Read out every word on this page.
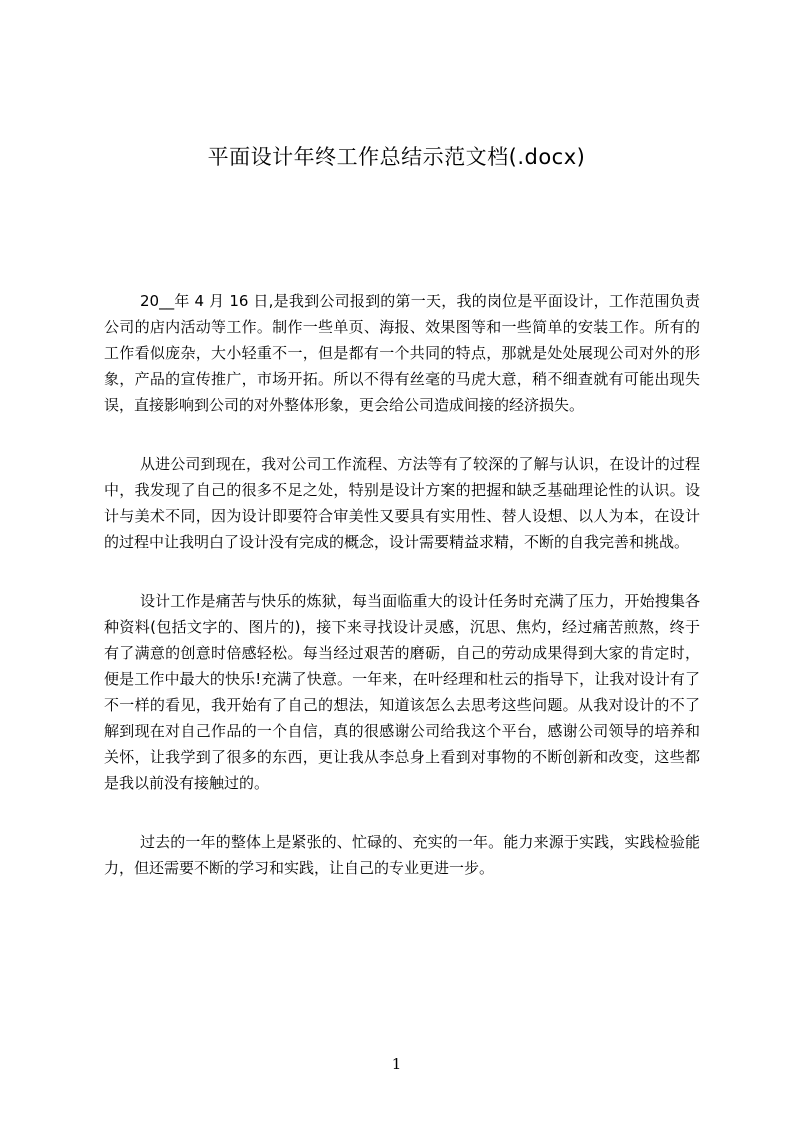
平面设计年终工作总结示范文档(.docx)

20__年 4 月 16 日,是我到公司报到的第一天，我的岗位是平面设计，工作范围负责公司的店内活动等工作。制作一些单页、海报、效果图等和一些简单的安装工作。所有的工作看似庞杂，大小轻重不一，但是都有一个共同的特点，那就是处处展现公司对外的形象，产品的宣传推广，市场开拓。所以不得有丝毫的马虎大意，稍不细查就有可能出现失误，直接影响到公司的对外整体形象，更会给公司造成间接的经济损失。

从进公司到现在，我对公司工作流程、方法等有了较深的了解与认识，在设计的过程中，我发现了自己的很多不足之处，特别是设计方案的把握和缺乏基础理论性的认识。设计与美术不同，因为设计即要符合审美性又要具有实用性、替人设想、以人为本，在设计的过程中让我明白了设计没有完成的概念，设计需要精益求精，不断的自我完善和挑战。

设计工作是痛苦与快乐的炼狱，每当面临重大的设计任务时充满了压力，开始搜集各种资料(包括文字的、图片的)，接下来寻找设计灵感，沉思、焦灼，经过痛苦煎熬，终于有了满意的创意时倍感轻松。每当经过艰苦的磨砺，自己的劳动成果得到大家的肯定时，便是工作中最大的快乐!充满了快意。一年来，在叶经理和杜云的指导下，让我对设计有了不一样的看见，我开始有了自己的想法，知道该怎么去思考这些问题。从我对设计的不了解到现在对自己作品的一个自信，真的很感谢公司给我这个平台，感谢公司领导的培养和关怀，让我学到了很多的东西，更让我从李总身上看到对事物的不断创新和改变，这些都是我以前没有接触过的。

过去的一年的整体上是紧张的、忙碌的、充实的一年。能力来源于实践，实践检验能力，但还需要不断的学习和实践，让自己的专业更进一步。

1
